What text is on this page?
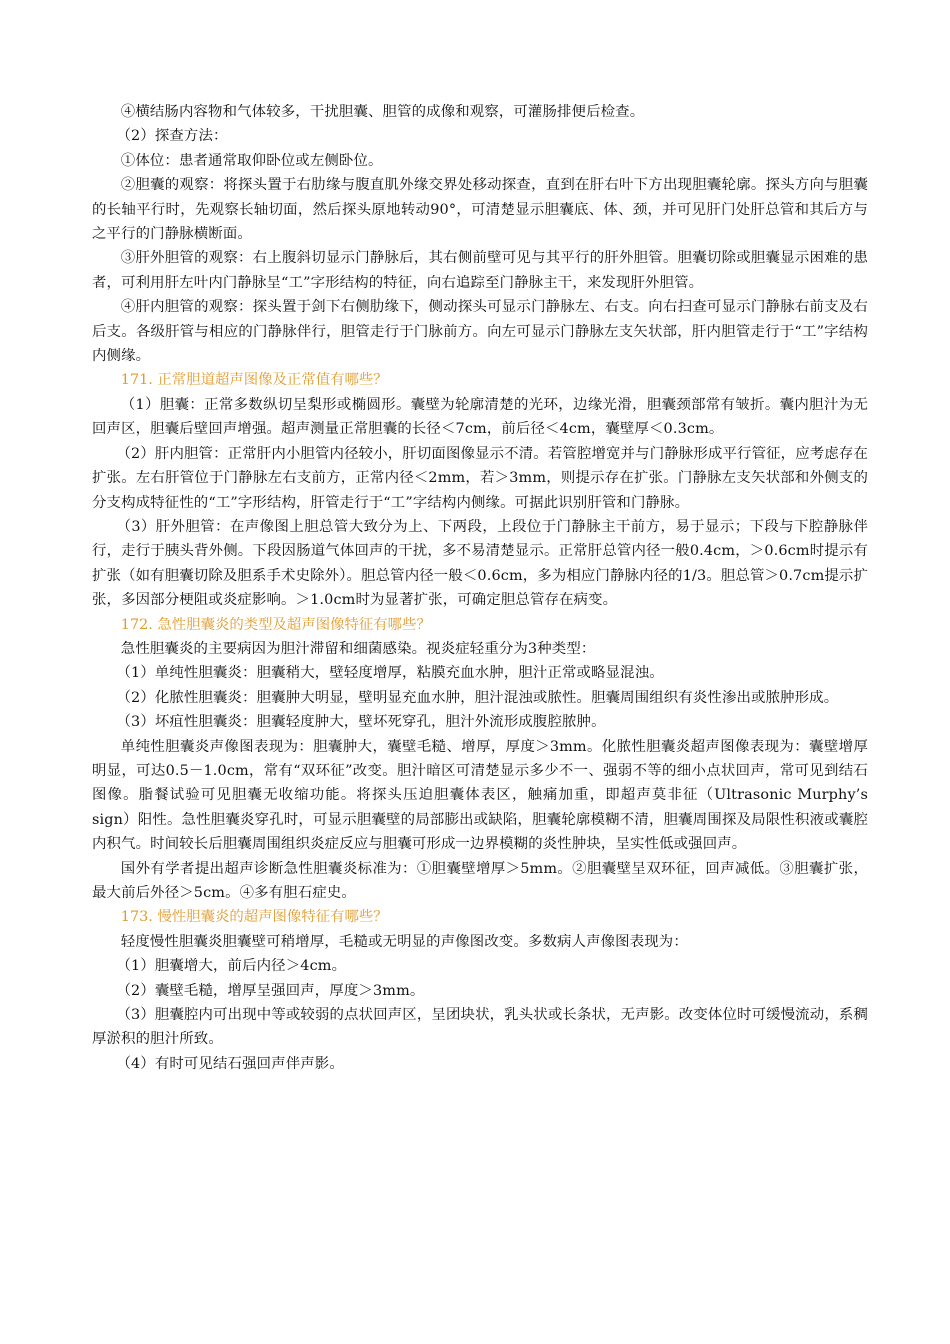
④横结肠内容物和气体较多，干扰胆囊、胆管的成像和观察，可灌肠排便后检查。

（2）探查方法：

①体位：患者通常取仰卧位或左侧卧位。

②胆囊的观察：将探头置于右肋缘与腹直肌外缘交界处移动探查，直到在肝右叶下方出现胆囊轮廓。探头方向与胆囊的长轴平行时，先观察长轴切面，然后探头原地转动90°，可清楚显示胆囊底、体、颈，并可见肝门处肝总管和其后方与之平行的门静脉横断面。

③肝外胆管的观察：右上腹斜切显示门静脉后，其右侧前壁可见与其平行的肝外胆管。胆囊切除或胆囊显示困难的患者，可利用肝左叶内门静脉呈“工”字形结构的特征，向右追踪至门静脉主干，来发现肝外胆管。

④肝内胆管的观察：探头置于剑下右侧肋缘下，侧动探头可显示门静脉左、右支。向右扫查可显示门静脉右前支及右后支。各级肝管与相应的门静脉伴行，胆管走行于门脉前方。向左可显示门静脉左支矢状部，肝内胆管走行于“工”字结构内侧缘。

171. 正常胆道超声图像及正常值有哪些？

（1）胆囊：正常多数纵切呈梨形或椭圆形。囊壁为轮廓清楚的光环，边缘光滑，胆囊颈部常有皱折。囊内胆汁为无回声区，胆囊后壁回声增强。超声测量正常胆囊的长径＜7cm，前后径＜4cm，囊壁厚＜0.3cm。

（2）肝内胆管：正常肝内小胆管内径较小，肝切面图像显示不清。若管腔增宽并与门静脉形成平行管征，应考虑存在扩张。左右肝管位于门静脉左右支前方，正常内径＜2mm，若＞3mm，则提示存在扩张。门静脉左支矢状部和外侧支的分支构成特征性的“工”字形结构，肝管走行于“工”字结构内侧缘。可据此识别肝管和门静脉。

（3）肝外胆管：在声像图上胆总管大致分为上、下两段，上段位于门静脉主干前方，易于显示；下段与下腔静脉伴行，走行于胰头背外侧。下段因肠道气体回声的干扰，多不易清楚显示。正常肝总管内径一般0.4cm，＞0.6cm时提示有扩张（如有胆囊切除及胆系手术史除外）。胆总管内径一般＜0.6cm，多为相应门静脉内径的1/3。胆总管＞0.7cm提示扩张，多因部分梗阻或炎症影响。＞1.0cm时为显著扩张，可确定胆总管存在病变。

172. 急性胆囊炎的类型及超声图像特征有哪些？

急性胆囊炎的主要病因为胆汁滞留和细菌感染。视炎症轻重分为3种类型：

（1）单纯性胆囊炎：胆囊稍大，壁轻度增厚，粘膜充血水肿，胆汁正常或略显混浊。

（2）化脓性胆囊炎：胆囊肿大明显，壁明显充血水肿，胆汁混浊或脓性。胆囊周围组织有炎性渗出或脓肿形成。

（3）坏疽性胆囊炎：胆囊轻度肿大，壁坏死穿孔，胆汁外流形成腹腔脓肿。

单纯性胆囊炎声像图表现为：胆囊肿大，囊壁毛糙、增厚，厚度＞3mm。化脓性胆囊炎超声图像表现为：囊壁增厚明显，可达0.5－1.0cm，常有“双环征”改变。胆汁暗区可清楚显示多少不一、强弱不等的细小点状回声，常可见到结石图像。脂餐试验可见胆囊无收缩功能。将探头压迫胆囊体表区，触痛加重，即超声莫非征（Ultrasonic Murphy’s sign）阳性。急性胆囊炎穿孔时，可显示胆囊壁的局部膨出或缺陷，胆囊轮廓模糊不清，胆囊周围探及局限性积液或囊腔内积气。时间较长后胆囊周围组织炎症反应与胆囊可形成一边界模糊的炎性肿块，呈实性低或强回声。

国外有学者提出超声诊断急性胆囊炎标准为：①胆囊壁增厚＞5mm。②胆囊壁呈双环征，回声减低。③胆囊扩张，最大前后外径＞5cm。④多有胆石症史。

173. 慢性胆囊炎的超声图像特征有哪些？

轻度慢性胆囊炎胆囊壁可稍增厚，毛糙或无明显的声像图改变。多数病人声像图表现为：

（1）胆囊增大，前后内径＞4cm。

（2）囊壁毛糙，增厚呈强回声，厚度＞3mm。

（3）胆囊腔内可出现中等或较弱的点状回声区，呈团块状，乳头状或长条状，无声影。改变体位时可缓慢流动，系稠厚淤积的胆汁所致。

（4）有时可见结石强回声伴声影。
